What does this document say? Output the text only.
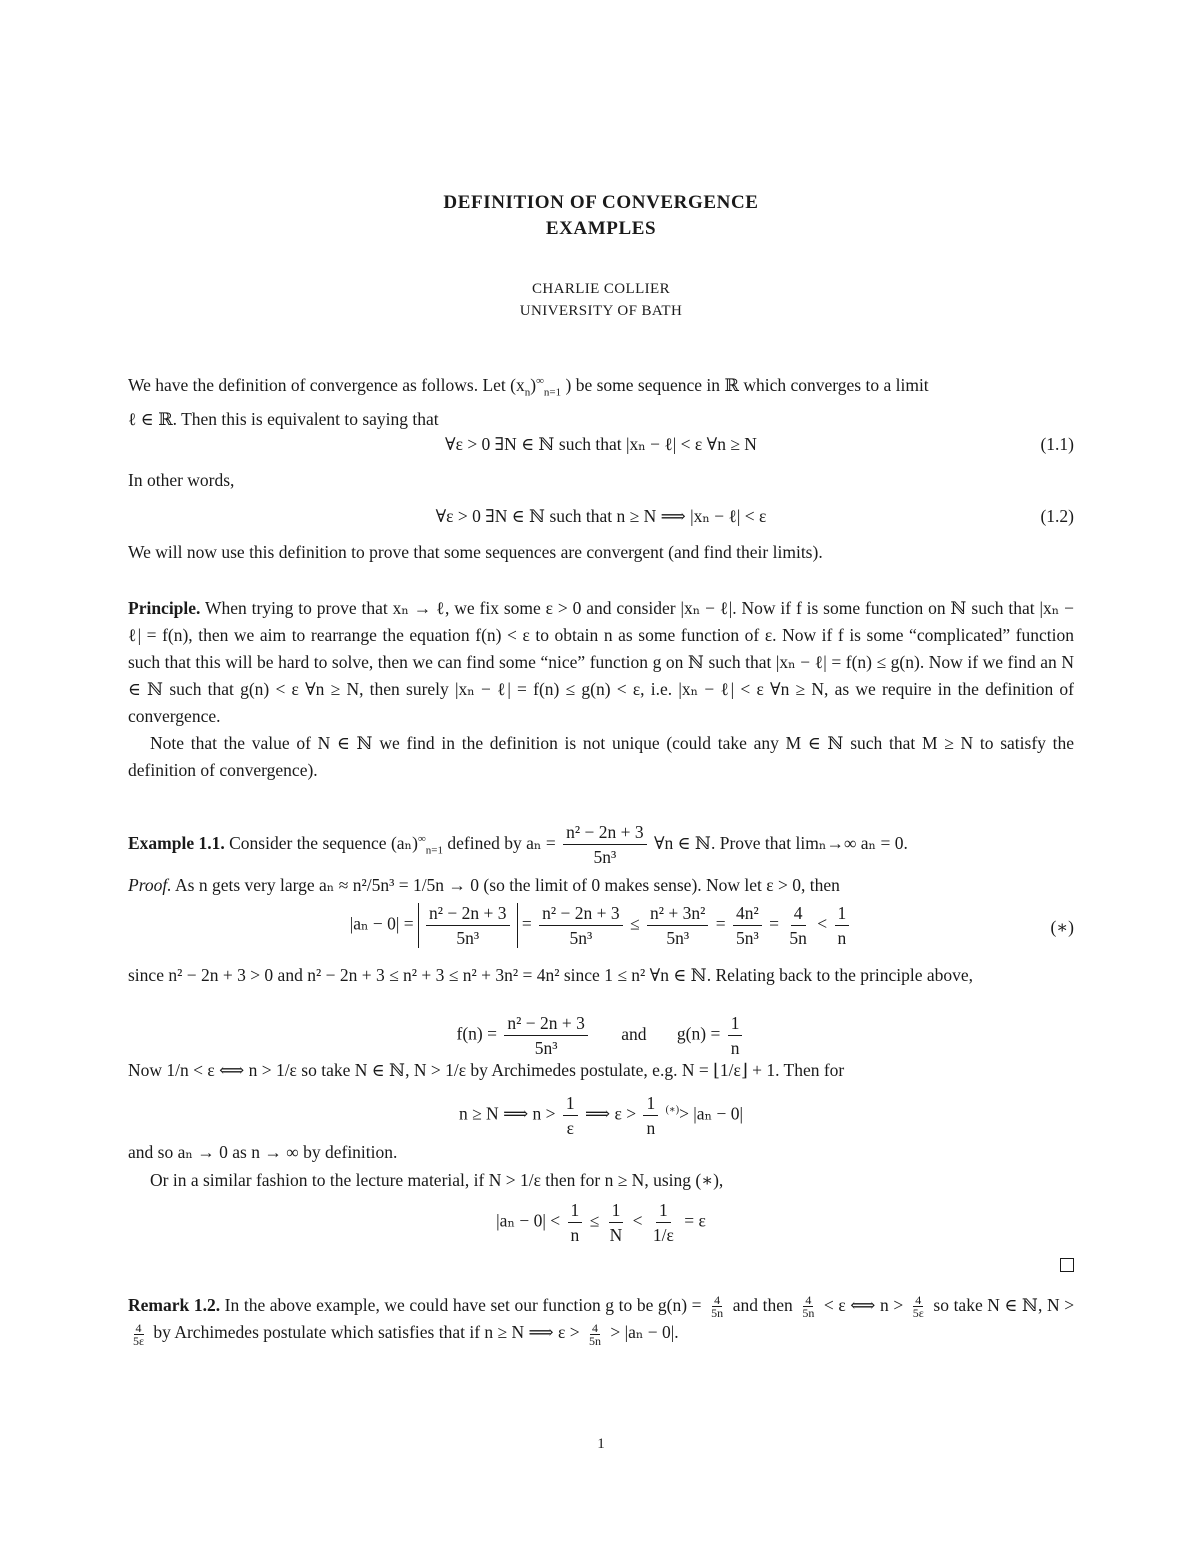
DEFINITION OF CONVERGENCE
EXAMPLES
CHARLIE COLLIER
UNIVERSITY OF BATH

We have the definition of convergence as follows. Let $(x_n)^\infty_{n=1}$ ) be some sequence in ℝ which converges to a limit
ℓ ∈ ℝ. Then this is equivalent to saying that

∀ε > 0 ∃N ∈ ℕ such that |xₙ − ℓ| < ε ∀n ≥ N	(1.1)
In other words,
∀ε > 0 ∃N ∈ ℕ such that n ≥ N ⟹ |xₙ − ℓ| < ε	(1.2)
We will now use this definition to prove that some sequences are convergent (and find their limits).

Principle. When trying to prove that xₙ → ℓ, we fix some ε > 0 and consider |xₙ − ℓ|. Now if f is some function on ℕ such that |xₙ − ℓ| = f(n), then we aim to rearrange the equation f(n) < ε to obtain n as some function of ε. Now if f is some “complicated” function such that this will be hard to solve, then we can find some “nice” function g on ℕ such that |xₙ − ℓ| = f(n) ≤ g(n). Now if we find an N ∈ ℕ such that g(n) < ε ∀n ≥ N, then surely |xₙ − ℓ| = f(n) ≤ g(n) < ε, i.e. |xₙ − ℓ| < ε ∀n ≥ N, as we require in the definition of convergence.

Note that the value of N ∈ ℕ we find in the definition is not unique (could take any M ∈ ℕ such that M ≥ N to satisfy the definition of convergence).

Example 1.1. Consider the sequence $(a_n)^\infty_{n=1}$ defined by $a_n = \frac{\text{n² − 2n + 3}}{\text{5n³}}$ ∀n ∈ ℕ. Prove that limₙ→∞ aₙ = 0.

Proof. As n gets very large aₙ ≈ n²/5n³ = 1/5n → 0 (so the limit of 0 makes sense). Now let ε > 0, then

$|a_n - 0| = \frac{\text{n² − 2n + 3}}{\text{5n³}} = \frac{\text{n² − 2n + 3}}{\text{5n³}} \le \frac{\text{n² + 3n²}}{\text{5n³}} = \frac{\text{4n²}}{\text{5n³}} = \frac{4}{5n} < \frac{1}{n}$	(∗)

since n² − 2n + 3 > 0 and n² − 2n + 3 ≤ n² + 3 ≤ n² + 3n² = 4n² since 1 ≤ n² ∀n ∈ ℕ. Relating back to the principle above,

$f(n) = \frac{\text{n² − 2n + 3}}{\text{5n³}}$ and $g(n) = \frac{1}{n}$
Now 1/n < ε ⟺ n > 1/ε so take N ∈ ℕ, N > 1/ε by Archimedes postulate, e.g. N = ⌊1/ε⌋ + 1. Then for
n ≥ N ⟹ $n > \frac{1}{\varepsilon}$ ⟹ $\varepsilon > \frac{1}{n} ^{(∗)}> |a_n - 0|$
and so aₙ → 0 as n → ∞ by definition.
Or in a similar fashion to the lecture material, if N > 1/ε then for n ≥ N, using (∗),
$|a_n - 0| < \frac{1}{n} \le \frac{1}{N} < \frac{1}{1/\varepsilon} = \varepsilon$

Remark 1.2. In the above example, we could have set our function g to be $g(n) = \frac{4}{5n}$ and then $\frac{4}{5n} < \varepsilon$ ⟺ $n > \frac{4}{5\varepsilon}$ so take N ∈ ℕ, N >
$\frac{4}{5\varepsilon}$ by Archimedes postulate which satisfies that if n ≥ N ⟹ $\varepsilon > \frac{4}{5n} > |a_n - 0|$.

1
